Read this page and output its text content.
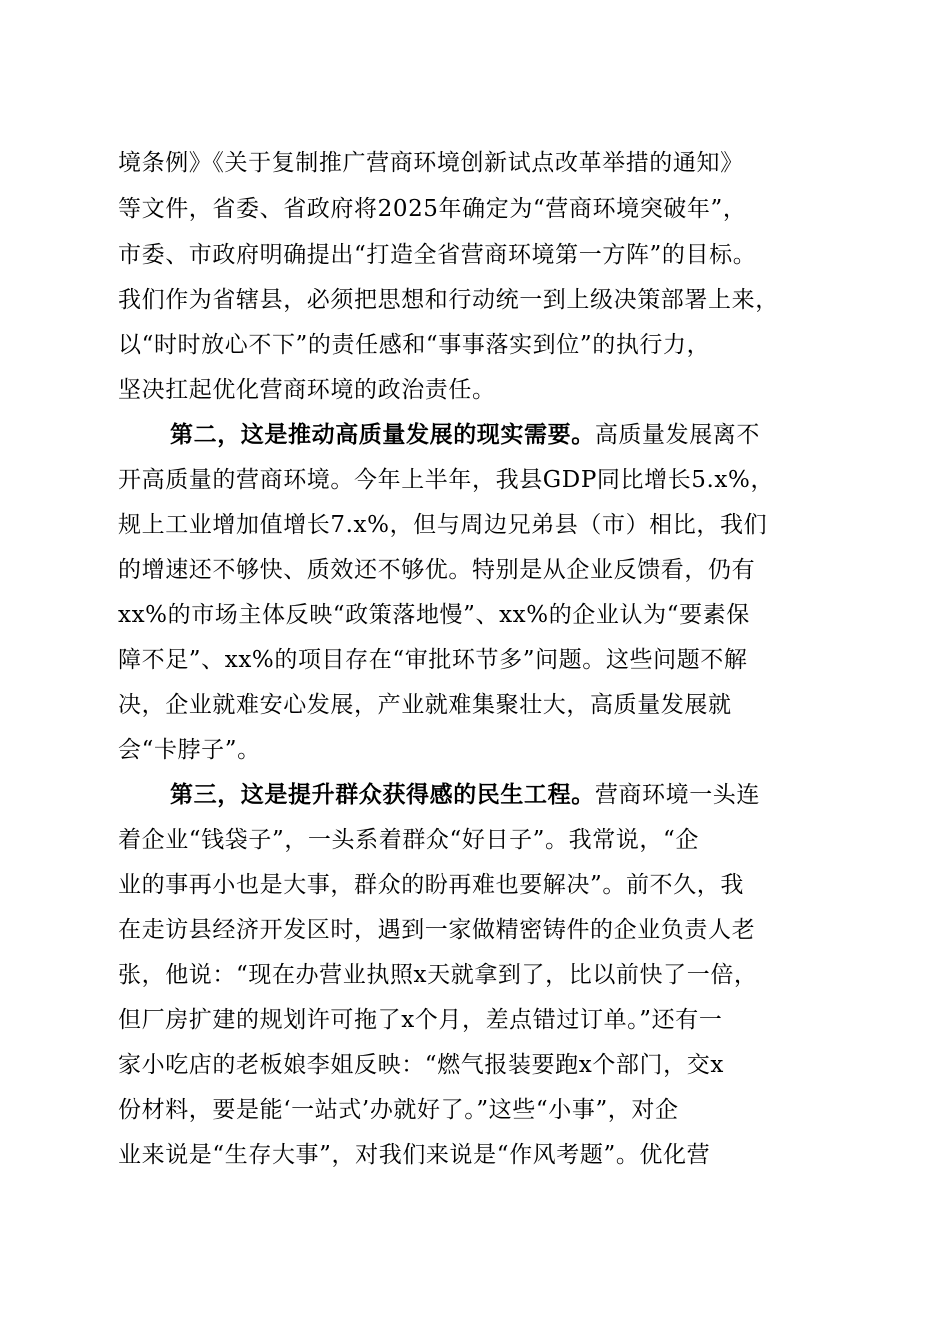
境条例》《关于复制推广营商环境创新试点改革举措的通知》
等文件，省委、省政府将2025年确定为“营商环境突破年”，
市委、市政府明确提出“打造全省营商环境第一方阵”的目标。
我们作为省辖县，必须把思想和行动统一到上级决策部署上来，
以“时时放心不下”的责任感和“事事落实到位”的执行力，
坚决扛起优化营商环境的政治责任。
第二，这是推动高质量发展的现实需要。高质量发展离不
开高质量的营商环境。今年上半年，我县GDP同比增长5.x%，
规上工业增加值增长7.x%，但与周边兄弟县（市）相比，我们
的增速还不够快、质效还不够优。特别是从企业反馈看，仍有
xx%的市场主体反映“政策落地慢”、xx%的企业认为“要素保
障不足”、xx%的项目存在“审批环节多”问题。这些问题不解
决，企业就难安心发展，产业就难集聚壮大，高质量发展就
会“卡脖子”。
第三，这是提升群众获得感的民生工程。营商环境一头连
着企业“钱袋子”，一头系着群众“好日子”。我常说，“企
业的事再小也是大事，群众的盼再难也要解决”。前不久，我
在走访县经济开发区时，遇到一家做精密铸件的企业负责人老
张，他说：“现在办营业执照x天就拿到了，比以前快了一倍，
但厂房扩建的规划许可拖了x个月，差点错过订单。”还有一
家小吃店的老板娘李姐反映：“燃气报装要跑x个部门，交x
份材料，要是能‘一站式’办就好了。”这些“小事”，对企
业来说是“生存大事”，对我们来说是“作风考题”。优化营
